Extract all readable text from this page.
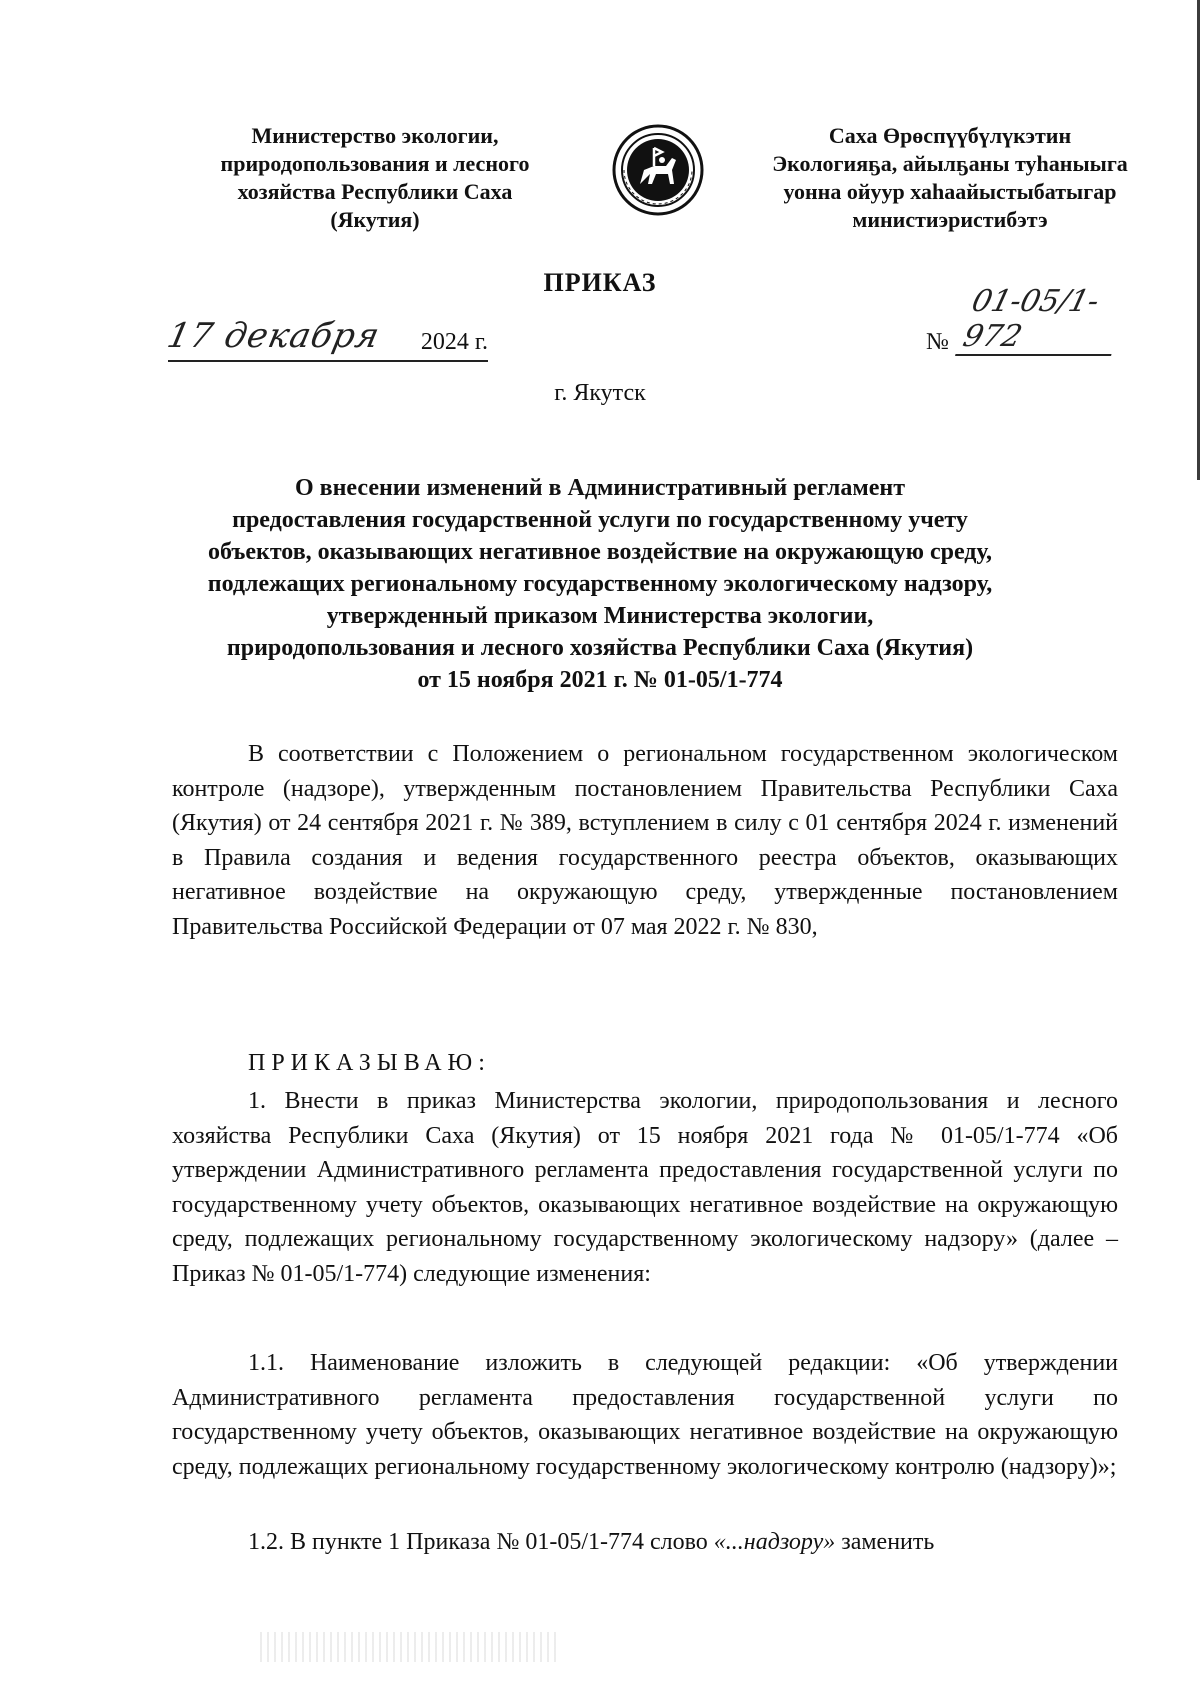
Министерство экологии,
природопользования и лесного
хозяйства Республики Саха
(Якутия)
Саха Өрөспүүбүлүкэтин
Экологияҕа, айылҕаны туһаныыга
уонна ойуур хаһаайыстыбатыгар
министиэристибэтэ
ПРИКАЗ
17 декабря 2024 г.	№
01-05/1-972
г. Якутск
О внесении изменений в Административный регламент
предоставления государственной услуги по государственному учету
объектов, оказывающих негативное воздействие на окружающую среду,
подлежащих региональному государственному экологическому надзору,
утвержденный приказом Министерства экологии,
природопользования и лесного хозяйства Республики Саха (Якутия)
от 15 ноября 2021 г. № 01-05/1-774
В соответствии с Положением о региональном государственном экологическом контроле (надзоре), утвержденным постановлением Правительства Республики Саха (Якутия) от 24 сентября 2021 г. № 389, вступлением в силу с 01 сентября 2024 г. изменений в Правила создания и ведения государственного реестра объектов, оказывающих негативное воздействие на окружающую среду, утвержденные постановлением Правительства Российской Федерации от 07 мая 2022 г. № 830,
ПРИКАЗЫВАЮ:
1. Внести в приказ Министерства экологии, природопользования и лесного хозяйства Республики Саха (Якутия) от 15 ноября 2021 года № 01-05/1-774 «Об утверждении Административного регламента предоставления государственной услуги по государственному учету объектов, оказывающих негативное воздействие на окружающую среду, подлежащих региональному государственному экологическому надзору» (далее – Приказ № 01-05/1-774) следующие изменения:
1.1. Наименование изложить в следующей редакции: «Об утверждении Административного регламента предоставления государственной услуги по государственному учету объектов, оказывающих негативное воздействие на окружающую среду, подлежащих региональному государственному экологическому контролю (надзору)»;
1.2. В пункте 1 Приказа № 01-05/1-774 слово «...надзору» заменить
